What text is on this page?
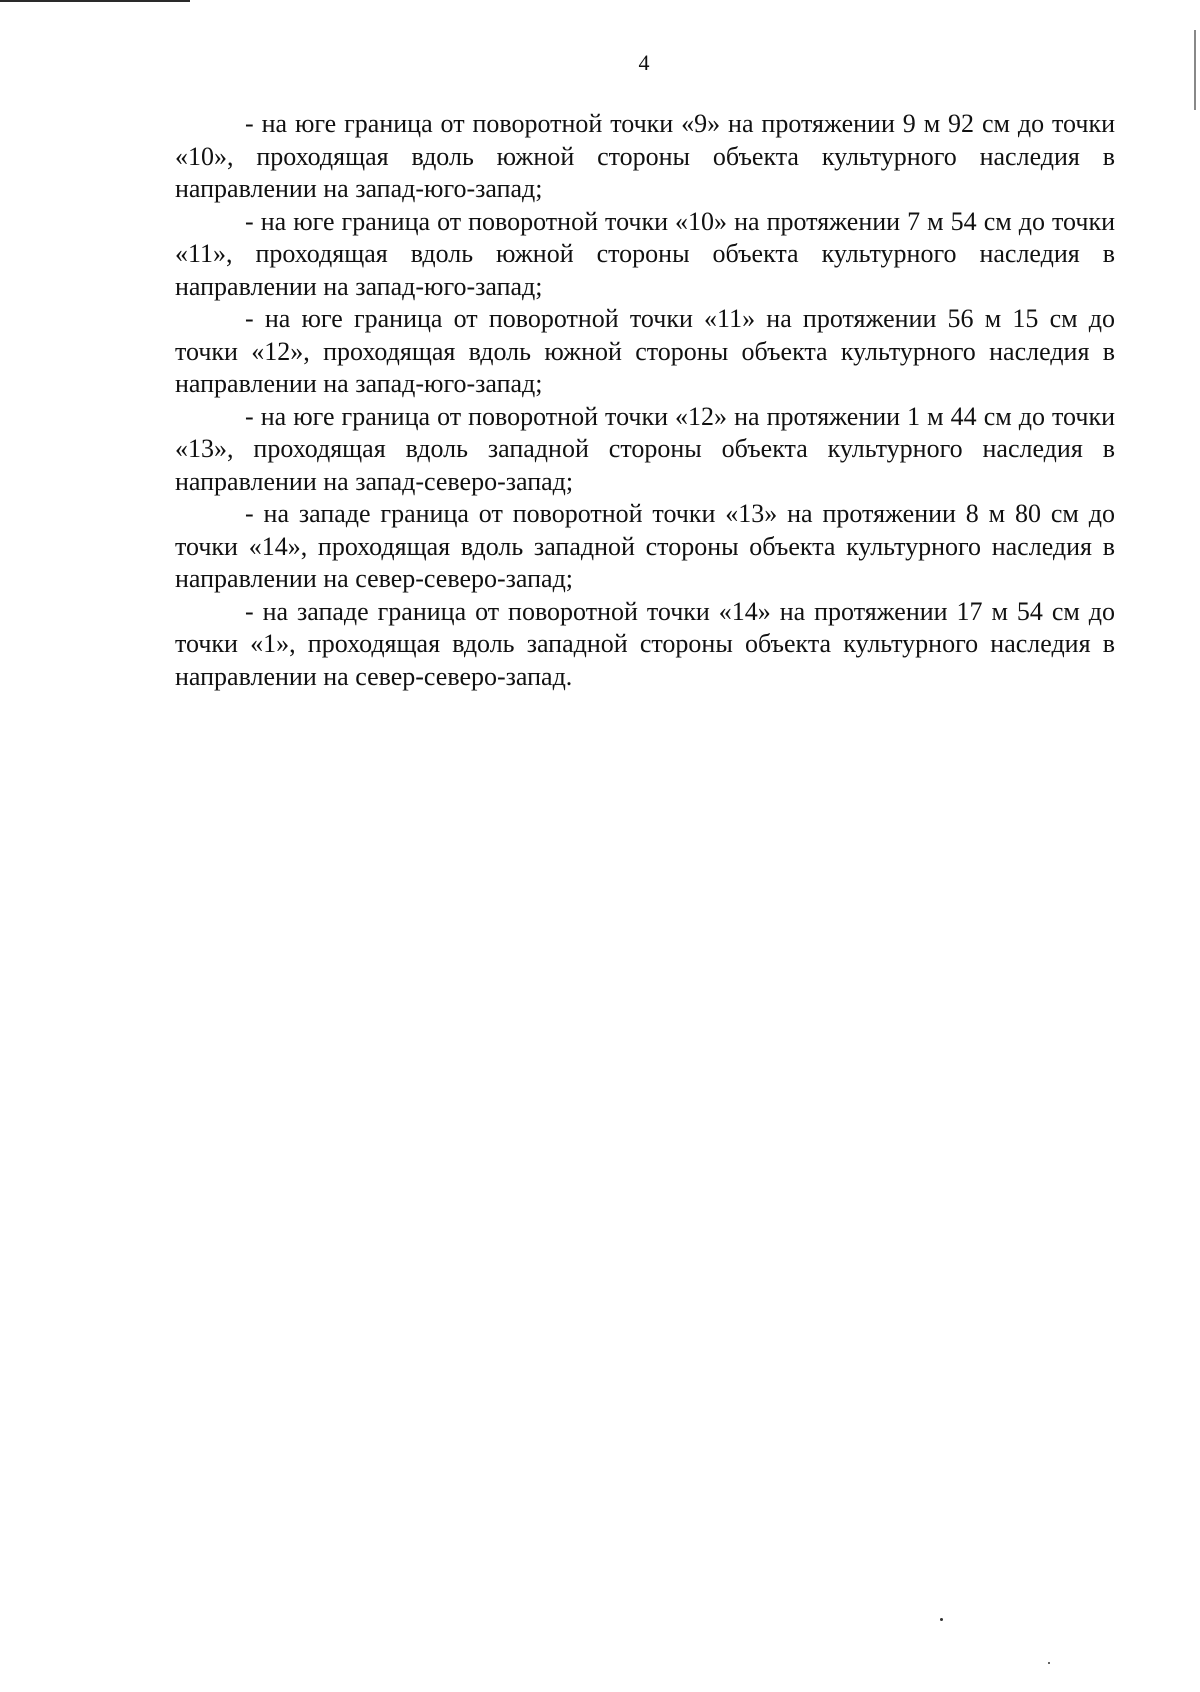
4

- на юге граница от поворотной точки «9» на протяжении 9 м 92 см до точки «10», проходящая вдоль южной стороны объекта культурного наследия в направлении на запад-юго-запад;

- на юге граница от поворотной точки «10» на протяжении 7 м 54 см до точки «11», проходящая вдоль южной стороны объекта культурного наследия в направлении на запад-юго-запад;

- на юге граница от поворотной точки «11» на протяжении 56 м 15 см до точки «12», проходящая вдоль южной стороны объекта культурного наследия в направлении на запад-юго-запад;

- на юге граница от поворотной точки «12» на протяжении 1 м 44 см до точки «13», проходящая вдоль западной стороны объекта культурного наследия в направлении на запад-северо-запад;

- на западе граница от поворотной точки «13» на протяжении 8 м 80 см до точки «14», проходящая вдоль западной стороны объекта культурного наследия в направлении на север-северо-запад;

- на западе граница от поворотной точки «14» на протяжении 17 м 54 см до точки «1», проходящая вдоль западной стороны объекта культурного наследия в направлении на север-северо-запад.
